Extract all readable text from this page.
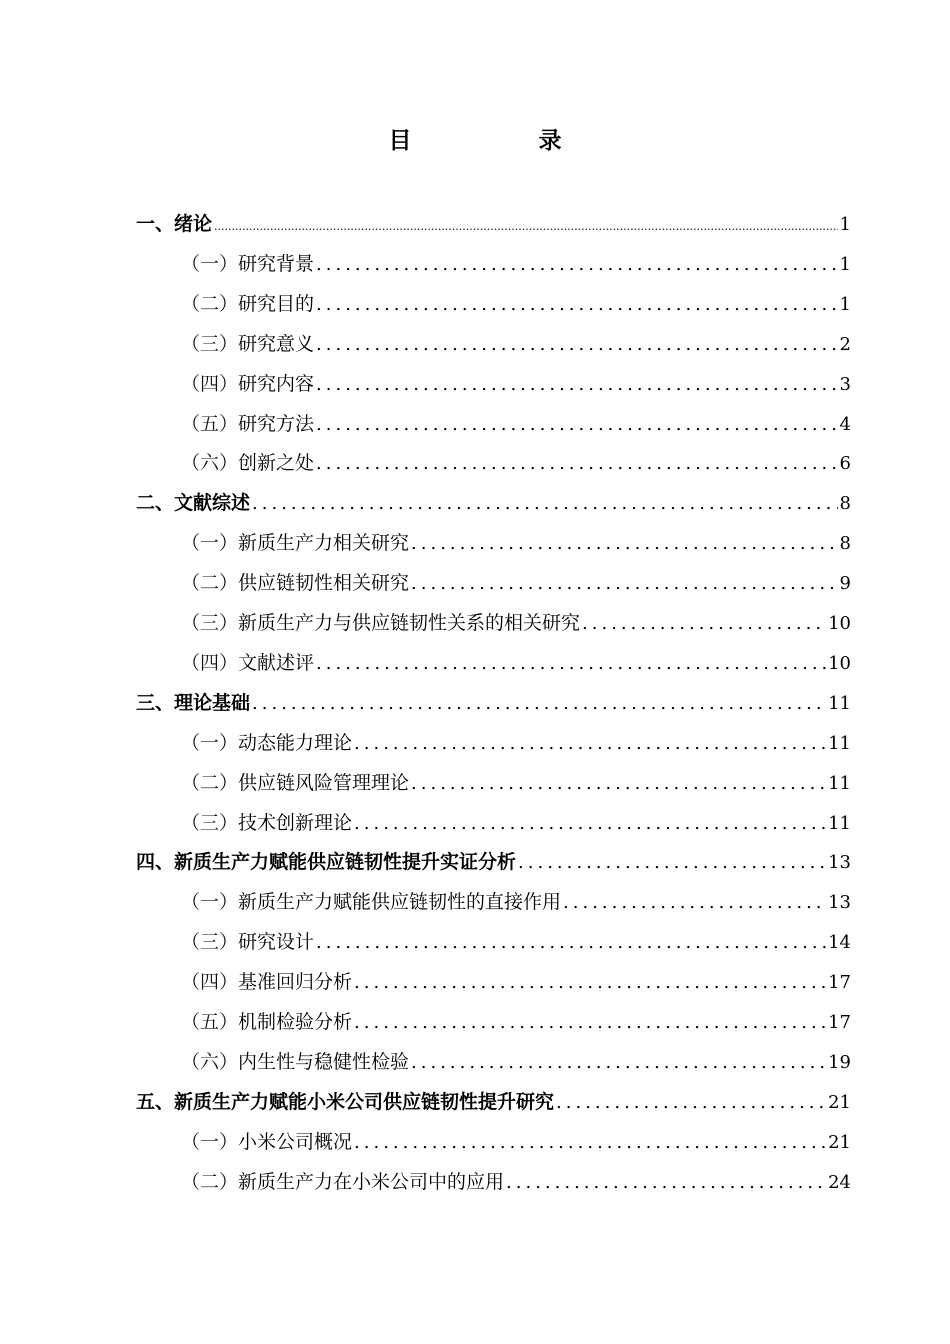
目　录
一、 绪论 .....	1
（一） 研究背景 .....	1
（二） 研究目的 .....	1
（三） 研究意义 .....	2
（四） 研究内容 .....	3
（五） 研究方法 .....	4
（六） 创新之处 .....	6
二、 文献综述 .....	8
（一） 新质生产力相关研究 .....	8
（二） 供应链韧性相关研究 .....	9
（三） 新质生产力与供应链韧性关系的相关研究 .....	10
（四） 文献述评 .....	10
三、 理论基础 .....	11
（一） 动态能力理论 .....	11
（二） 供应链风险管理理论 .....	11
（三） 技术创新理论 .....	11
四、 新质生产力赋能供应链韧性提升实证分析 .....	13
（一） 新质生产力赋能供应链韧性的直接作用 .....	13
（三） 研究设计 .....	14
（四） 基准回归分析 .....	17
（五） 机制检验分析 .....	17
（六） 内生性与稳健性检验 .....	19
五、 新质生产力赋能小米公司供应链韧性提升研究 .....	21
（一） 小米公司概况 .....	21
（二） 新质生产力在小米公司中的应用 .....	24
